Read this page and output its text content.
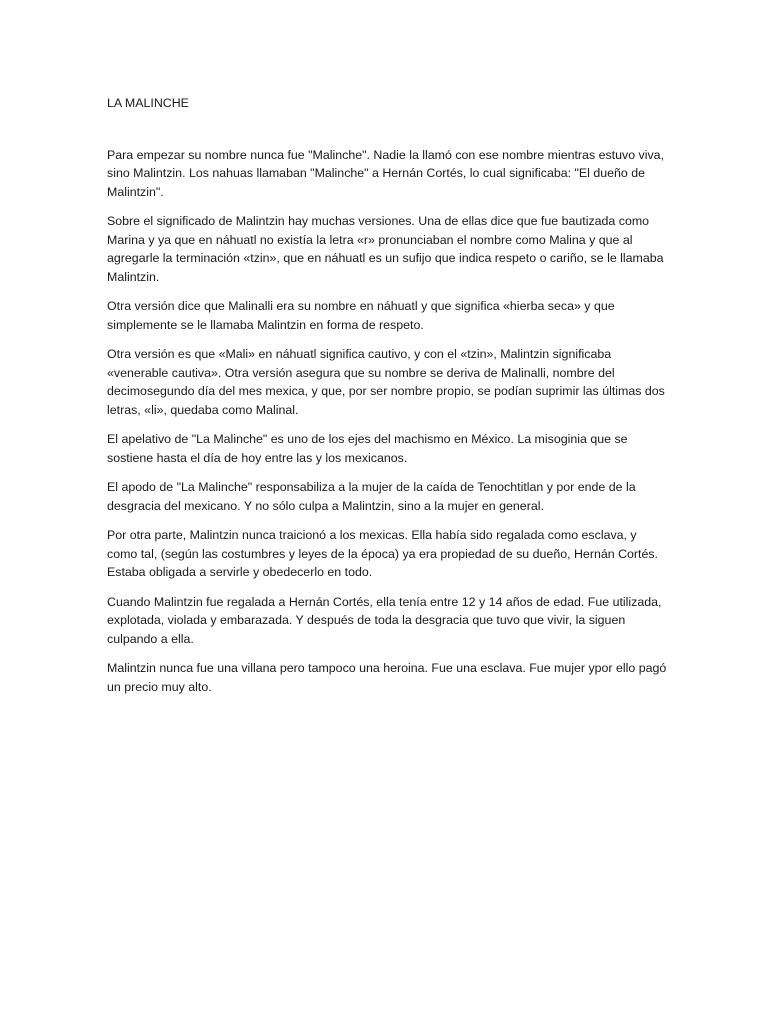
LA MALINCHE

Para empezar su nombre nunca fue "Malinche". Nadie la llamó con ese nombre mientras estuvo viva, sino Malintzin. Los nahuas llamaban "Malinche" a Hernán Cortés, lo cual significaba: "El dueño de Malintzin".

Sobre el significado de Malintzin hay muchas versiones. Una de ellas dice que fue bautizada como Marina y ya que en náhuatl no existía la letra «r» pronunciaban el nombre como Malina y que al agregarle la terminación «tzin», que en náhuatl es un sufijo que indica respeto o cariño, se le llamaba Malintzin.

Otra versión dice que Malinalli era su nombre en náhuatl y que significa «hierba seca» y que simplemente se le llamaba Malintzin en forma de respeto.

Otra versión es que «Mali» en náhuatl significa cautivo, y con el «tzin», Malintzin significaba «venerable cautiva». Otra versión asegura que su nombre se deriva de Malinalli, nombre del decimosegundo día del mes mexica, y que, por ser nombre propio, se podían suprimir las últimas dos letras, «li», quedaba como Malinal.

El apelativo de "La Malinche" es uno de los ejes del machismo en México. La misoginia que se sostiene hasta el día de hoy entre las y los mexicanos.

El apodo de "La Malinche" responsabiliza a la mujer de la caída de Tenochtitlan y por ende de la desgracia del mexicano. Y no sólo culpa a Malintzin, sino a la mujer en general.

Por otra parte, Malintzin nunca traicionó a los mexicas. Ella había sido regalada como esclava, y como tal, (según las costumbres y leyes de la época) ya era propiedad de su dueño, Hernán Cortés. Estaba obligada a servirle y obedecerlo en todo.

Cuando Malintzin fue regalada a Hernán Cortés, ella tenía entre 12 y 14 años de edad. Fue utilizada, explotada, violada y embarazada. Y después de toda la desgracia que tuvo que vivir, la siguen culpando a ella.

Malintzin nunca fue una villana pero tampoco una heroina. Fue una esclava. Fue mujer ypor ello pagó un precio muy alto.
